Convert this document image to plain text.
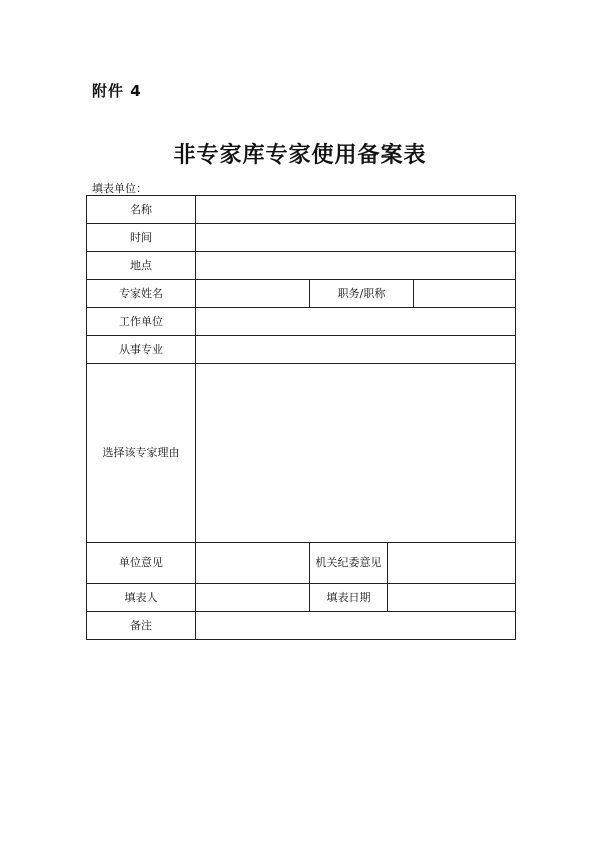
附件 4
非专家库专家使用备案表
填表单位：
名称				
时间				
地点				
专家姓名		职务/职称		
工作单位				
从事专业				
选择该专家理由				
单位意见		机关纪委意见		
填表人		填表日期		
备注				
